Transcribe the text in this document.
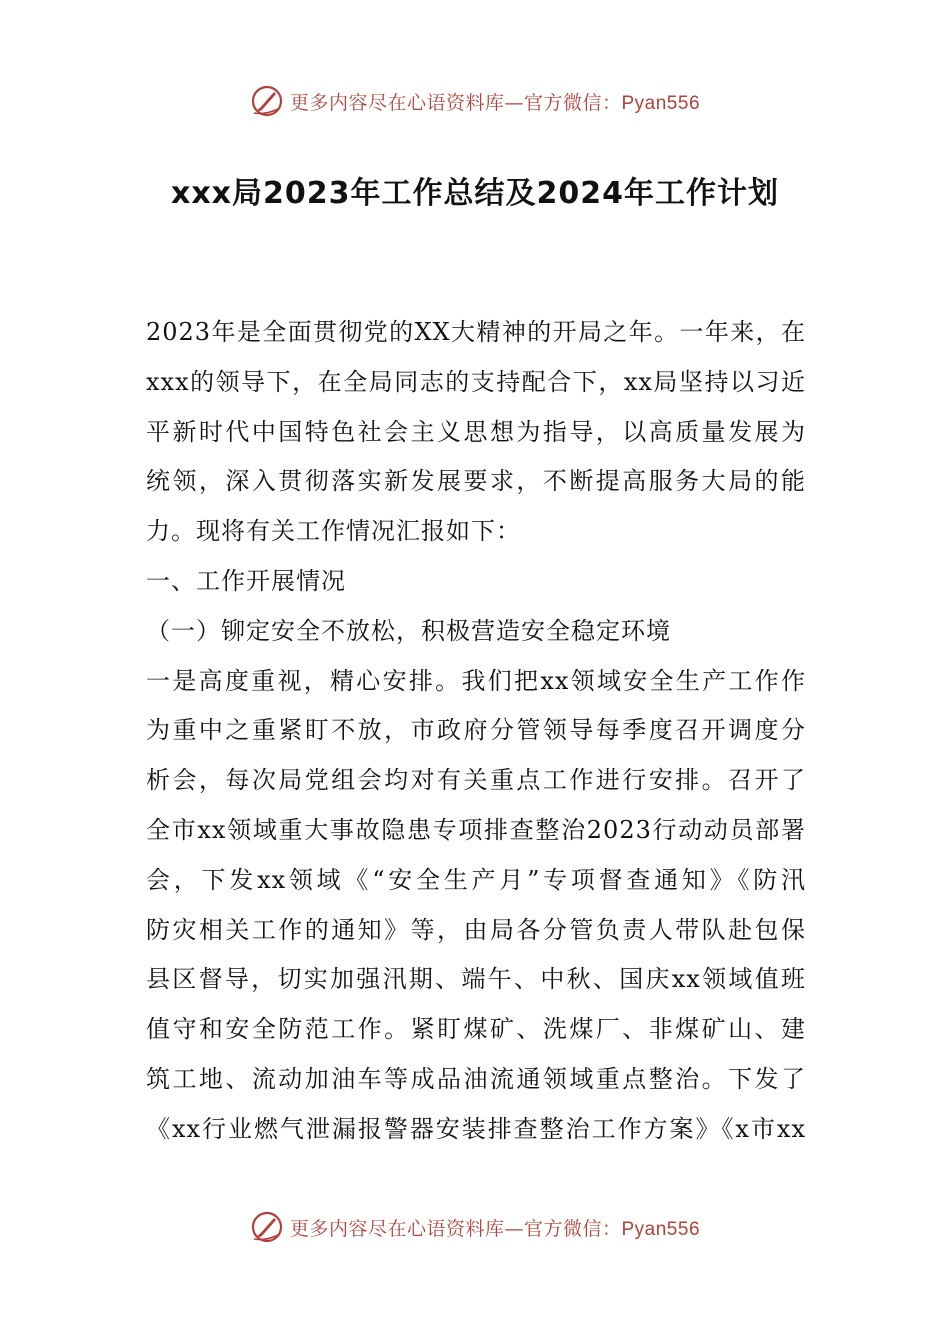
更多内容尽在心语资料库—官方微信：Pyan556
xxx局2023年工作总结及2024年工作计划
2023年是全面贯彻党的XX大精神的开局之年。一年来，在
xxx的领导下，在全局同志的支持配合下，xx局坚持以习近
平新时代中国特色社会主义思想为指导，以高质量发展为
统领，深入贯彻落实新发展要求，不断提高服务大局的能
力。现将有关工作情况汇报如下：
一、工作开展情况
（一）铆定安全不放松，积极营造安全稳定环境
一是高度重视，精心安排。我们把xx领域安全生产工作作
为重中之重紧盯不放，市政府分管领导每季度召开调度分
析会，每次局党组会均对有关重点工作进行安排。召开了
全市xx领域重大事故隐患专项排查整治2023行动动员部署
会，下发xx领域《“安全生产月”专项督查通知》《防汛
防灾相关工作的通知》等，由局各分管负责人带队赴包保
县区督导，切实加强汛期、端午、中秋、国庆xx领域值班
值守和安全防范工作。紧盯煤矿、洗煤厂、非煤矿山、建
筑工地、流动加油车等成品油流通领域重点整治。下发了
《xx行业燃气泄漏报警器安装排查整治工作方案》《x市xx
更多内容尽在心语资料库—官方微信：Pyan556
